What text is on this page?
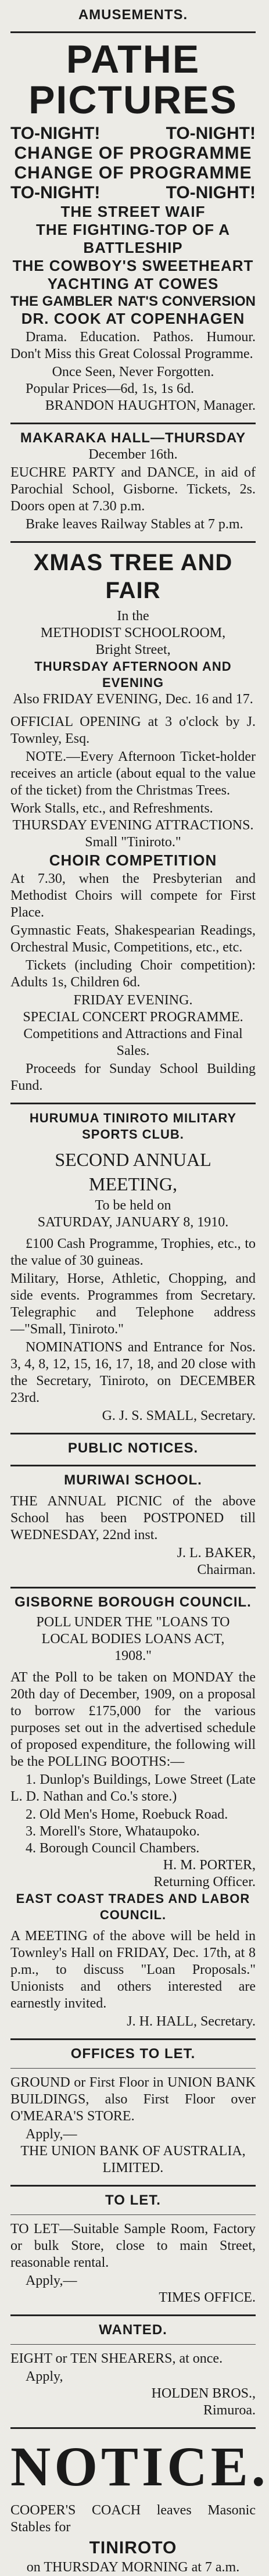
AMUSEMENTS.
PATHE PICTURES
TO-NIGHT!	TO-NIGHT!
CHANGE OF PROGRAMME
CHANGE OF PROGRAMME
TO-NIGHT!	TO-NIGHT!
THE STREET WAIF
THE FIGHTING-TOP OF A BATTLESHIP
THE COWBOY'S SWEETHEART
YACHTING AT COWES
THE GAMBLER NAT'S CONVERSION
DR. COOK AT COPENHAGEN

Drama. Education. Pathos. Humour. Don't Miss this Great Colossal Programme.

Once Seen, Never Forgotten.

Popular Prices—6d, 1s, 1s 6d.

BRANDON HAUGHTON, Manager.

MAKARAKA HALL—THURSDAY

December 16th.

EUCHRE PARTY and DANCE, in aid of Parochial School, Gisborne. Tickets, 2s. Doors open at 7.30 p.m.

Brake leaves Railway Stables at 7 p.m.

XMAS TREE AND FAIR

In the

METHODIST SCHOOLROOM,

Bright Street,

THURSDAY AFTERNOON AND EVENING

Also FRIDAY EVENING, Dec. 16 and 17.

OFFICIAL OPENING at 3 o'clock by J. Townley, Esq.

NOTE.—Every Afternoon Ticket-holder receives an article (about equal to the value of the ticket) from the Christmas Trees.

Work Stalls, etc., and Refreshments.

THURSDAY EVENING ATTRACTIONS.

Small "Tiniroto."

CHOIR COMPETITION

At 7.30, when the Presbyterian and Methodist Choirs will compete for First Place.

Gymnastic Feats, Shakespearian Readings, Orchestral Music, Competitions, etc., etc.

Tickets (including Choir competition): Adults 1s, Children 6d.

FRIDAY EVENING.

SPECIAL CONCERT PROGRAMME.

Competitions and Attractions and Final Sales.

Proceeds for Sunday School Building Fund.

HURUMUA TINIROTO MILITARY SPORTS CLUB.
SECOND ANNUAL MEETING,

To be held on

SATURDAY, JANUARY 8, 1910.

£100 Cash Programme, Trophies, etc., to the value of 30 guineas.

Military, Horse, Athletic, Chopping, and side events. Programmes from Secretary. Telegraphic and Telephone address—"Small, Tiniroto."

NOMINATIONS and Entrance for Nos. 3, 4, 8, 12, 15, 16, 17, 18, and 20 close with the Secretary, Tiniroto, on DECEMBER 23rd.

G. J. S. SMALL, Secretary.

PUBLIC NOTICES.
MURIWAI SCHOOL.

THE ANNUAL PICNIC of the above School has been POSTPONED till WEDNESDAY, 22nd inst.

J. L. BAKER,

Chairman.

GISBORNE BOROUGH COUNCIL.

POLL UNDER THE "LOANS TO

LOCAL BODIES LOANS ACT,

1908."

AT the Poll to be taken on MONDAY the 20th day of December, 1909, on a proposal to borrow £175,000 for the various purposes set out in the advertised schedule of proposed expenditure, the following will be the POLLING BOOTHS:—

1. Dunlop's Buildings, Lowe Street (Late L. D. Nathan and Co.'s store.)

2. Old Men's Home, Roebuck Road.

3. Morell's Store, Whataupoko.

4. Borough Council Chambers.

H. M. PORTER,

Returning Officer.

EAST COAST TRADES AND LABOR COUNCIL.

A MEETING of the above will be held in Townley's Hall on FRIDAY, Dec. 17th, at 8 p.m., to discuss "Loan Proposals." Unionists and others interested are earnestly invited.

J. H. HALL, Secretary.

OFFICES TO LET.

GROUND or First Floor in UNION BANK BUILDINGS, also First Floor over O'MEARA'S STORE.

Apply,—

THE UNION BANK OF AUSTRALIA, LIMITED.

TO LET.

TO LET—Suitable Sample Room, Factory or bulk Store, close to main Street, reasonable rental.

Apply,—

TIMES OFFICE.

WANTED.

EIGHT or TEN SHEARERS, at once.

Apply,

HOLDEN BROS.,

Rimuroa.

NOTICE.

COOPER'S COACH leaves Masonic Stables for

TINIROTO

on THURSDAY MORNING at 7 a.m.
